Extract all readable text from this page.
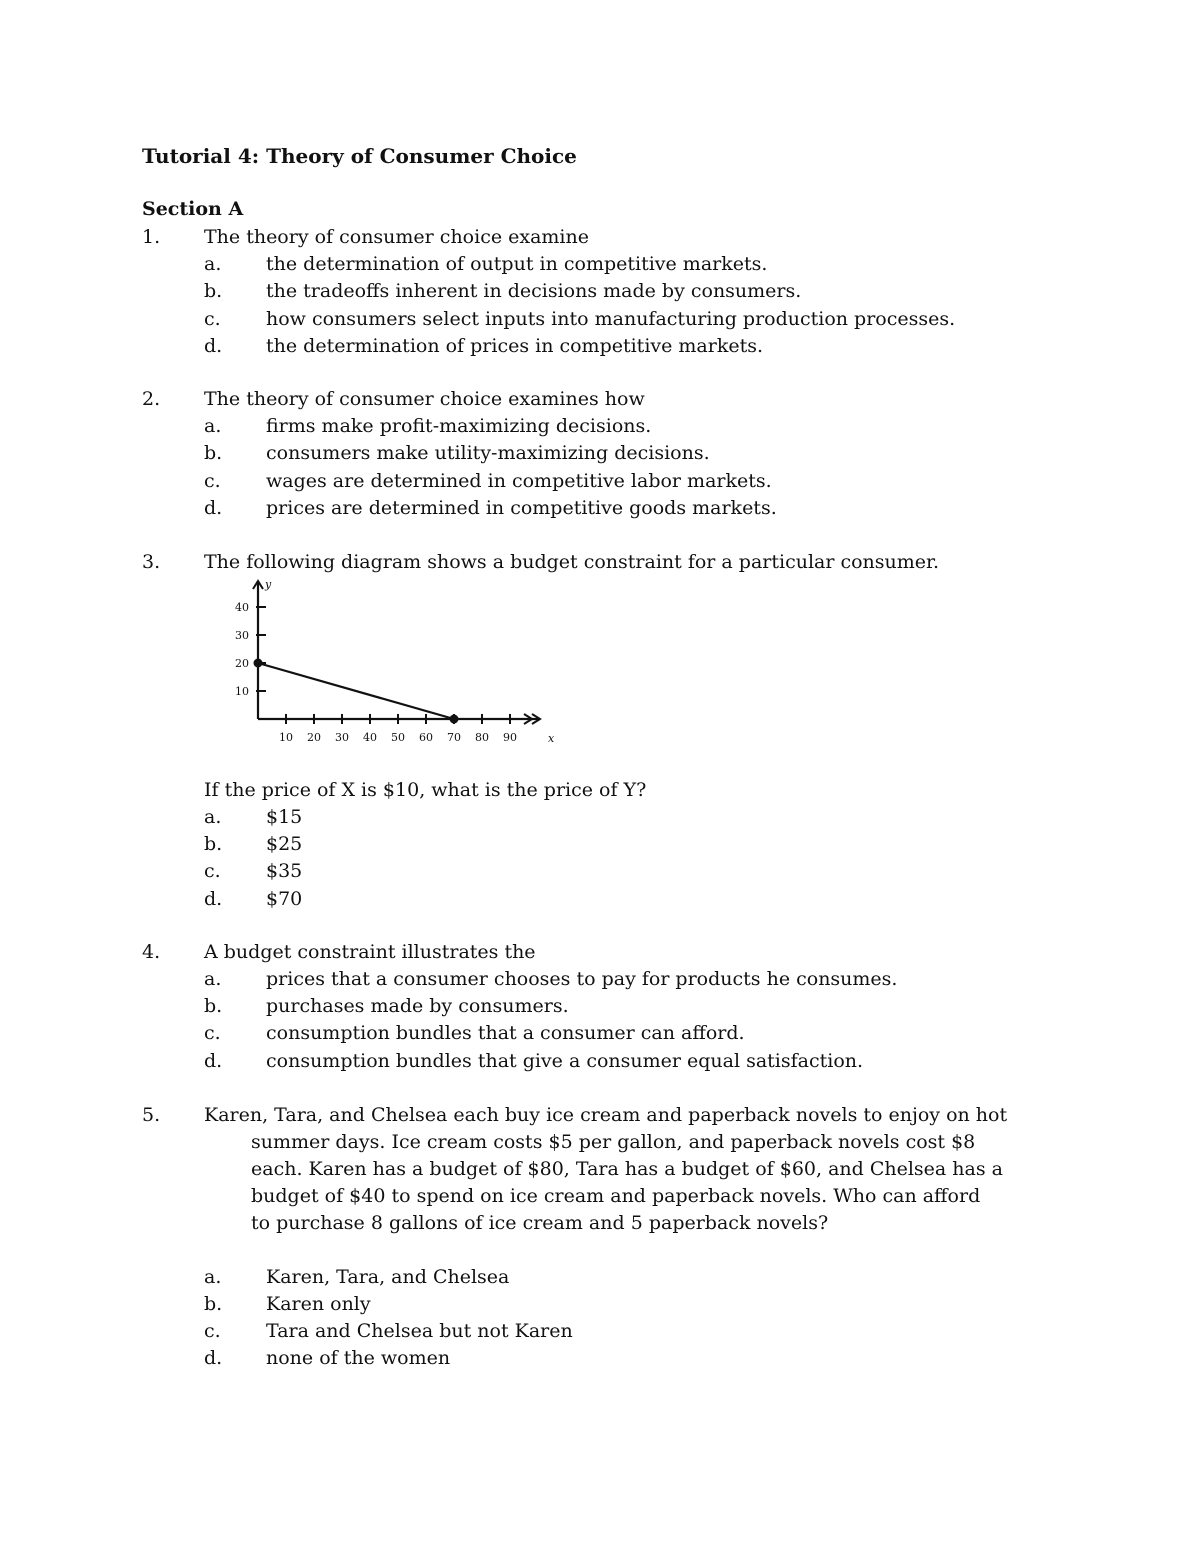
Tutorial 4: Theory of Consumer Choice
Section A
1. The theory of consumer choice examine
a. the determination of output in competitive markets.
b. the tradeoffs inherent in decisions made by consumers.
c. how consumers select inputs into manufacturing production processes.
d. the determination of prices in competitive markets.
2. The theory of consumer choice examines how
a. firms make profit-maximizing decisions.
b. consumers make utility-maximizing decisions.
c. wages are determined in competitive labor markets.
d. prices are determined in competitive goods markets.
3. The following diagram shows a budget constraint for a particular consumer.
10 20 30 40 50 60 70 80 90
10
20
30
40
y
x
If the price of X is $10, what is the price of Y?
a. $15
b. $25
c. $35
d. $70
4. A budget constraint illustrates the
a. prices that a consumer chooses to pay for products he consumes.
b. purchases made by consumers.
c. consumption bundles that a consumer can afford.
d. consumption bundles that give a consumer equal satisfaction.
5. Karen, Tara, and Chelsea each buy ice cream and paperback novels to enjoy on hot
summer days. Ice cream costs $5 per gallon, and paperback novels cost $8
each. Karen has a budget of $80, Tara has a budget of $60, and Chelsea has a
budget of $40 to spend on ice cream and paperback novels. Who can afford
to purchase 8 gallons of ice cream and 5 paperback novels?
a. Karen, Tara, and Chelsea
b. Karen only
c. Tara and Chelsea but not Karen
d. none of the women
